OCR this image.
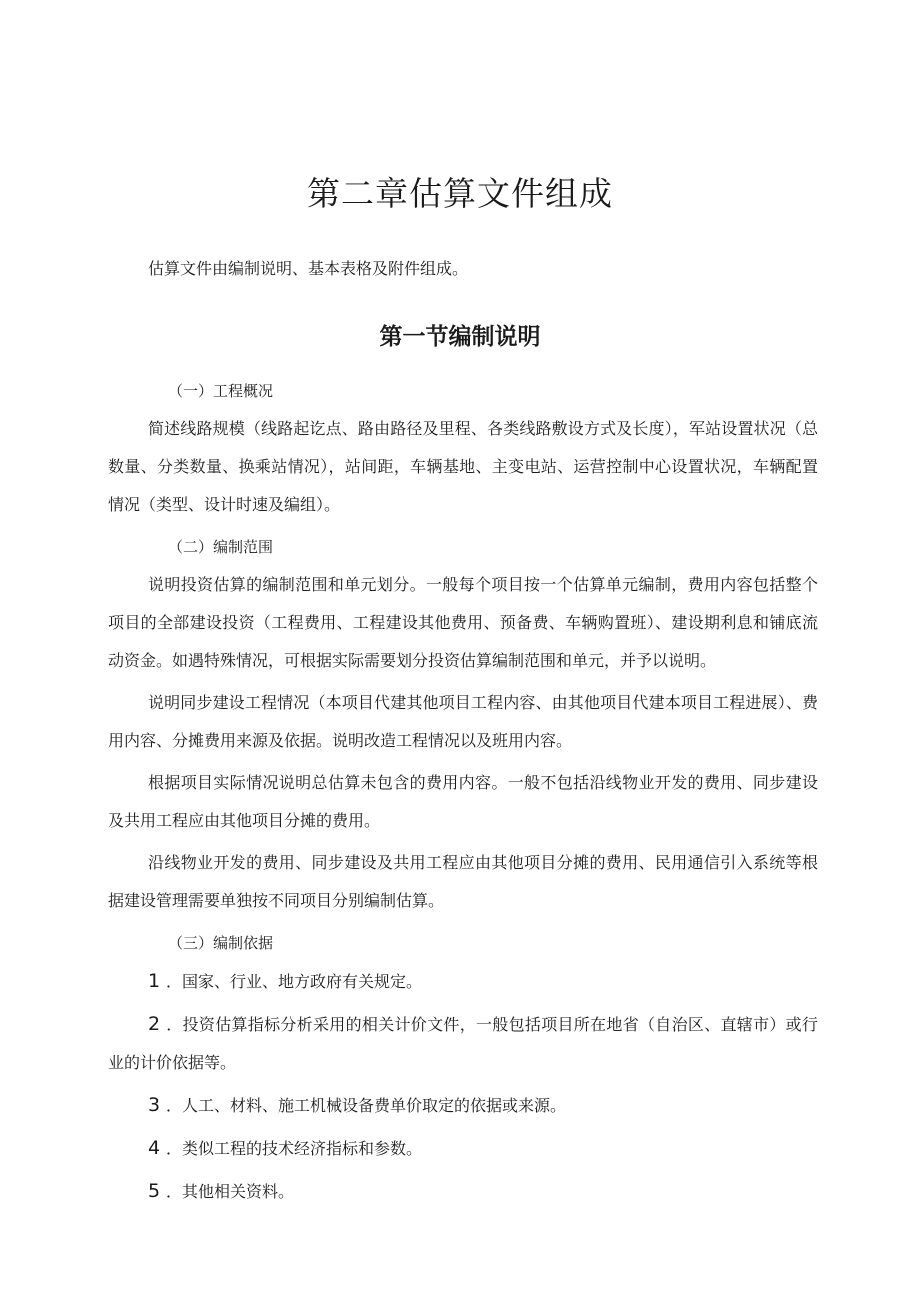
第二章估算文件组成

估算文件由编制说明、基本表格及附件组成。

第一节编制说明

（一）工程概况

简述线路规模（线路起讫点、路由路径及里程、各类线路敷设方式及长度），军站设置状况（总数量、分类数量、换乘站情况），站间距，车辆基地、主变电站、运营控制中心设置状况，车辆配置情况（类型、设计时速及编组）。

（二）编制范围

说明投资估算的编制范围和单元划分。一般每个项目按一个估算单元编制，费用内容包括整个项目的全部建设投资（工程费用、工程建设其他费用、预备费、车辆购置班）、建设期利息和铺底流动资金。如遇特殊情况，可根据实际需要划分投资估算编制范围和单元，并予以说明。

说明同步建设工程情况（本项目代建其他项目工程内容、由其他项目代建本项目工程进展）、费用内容、分摊费用来源及依据。说明改造工程情况以及班用内容。

根据项目实际情况说明总估算未包含的费用内容。一般不包括沿线物业开发的费用、同步建设及共用工程应由其他项目分摊的费用。

沿线物业开发的费用、同步建设及共用工程应由其他项目分摊的费用、民用通信引入系统等根据建设管理需要单独按不同项目分别编制估算。

（三）编制依据

1 ．国家、行业、地方政府有关规定。

2 ．投资估算指标分析采用的相关计价文件，一般包括项目所在地省（自治区、直辖市）或行业的计价依据等。

3 ．人工、材料、施工机械设备费单价取定的依据或来源。

4 ．类似工程的技术经济指标和参数。

5 ．其他相关资料。
